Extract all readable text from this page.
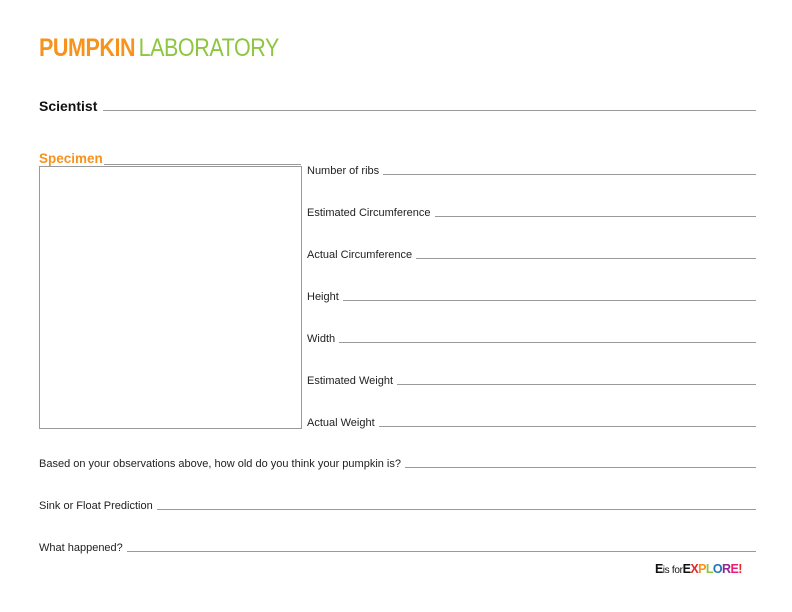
PUMPKIN LABORATORY
Scientist
Specimen
Number of ribs
Estimated Circumference
Actual Circumference
Height
Width
Estimated Weight
Actual Weight
Based on your observations above, how old do you think your pumpkin is?
Sink or Float Prediction
What happened?
Eis forEXPLORE!
